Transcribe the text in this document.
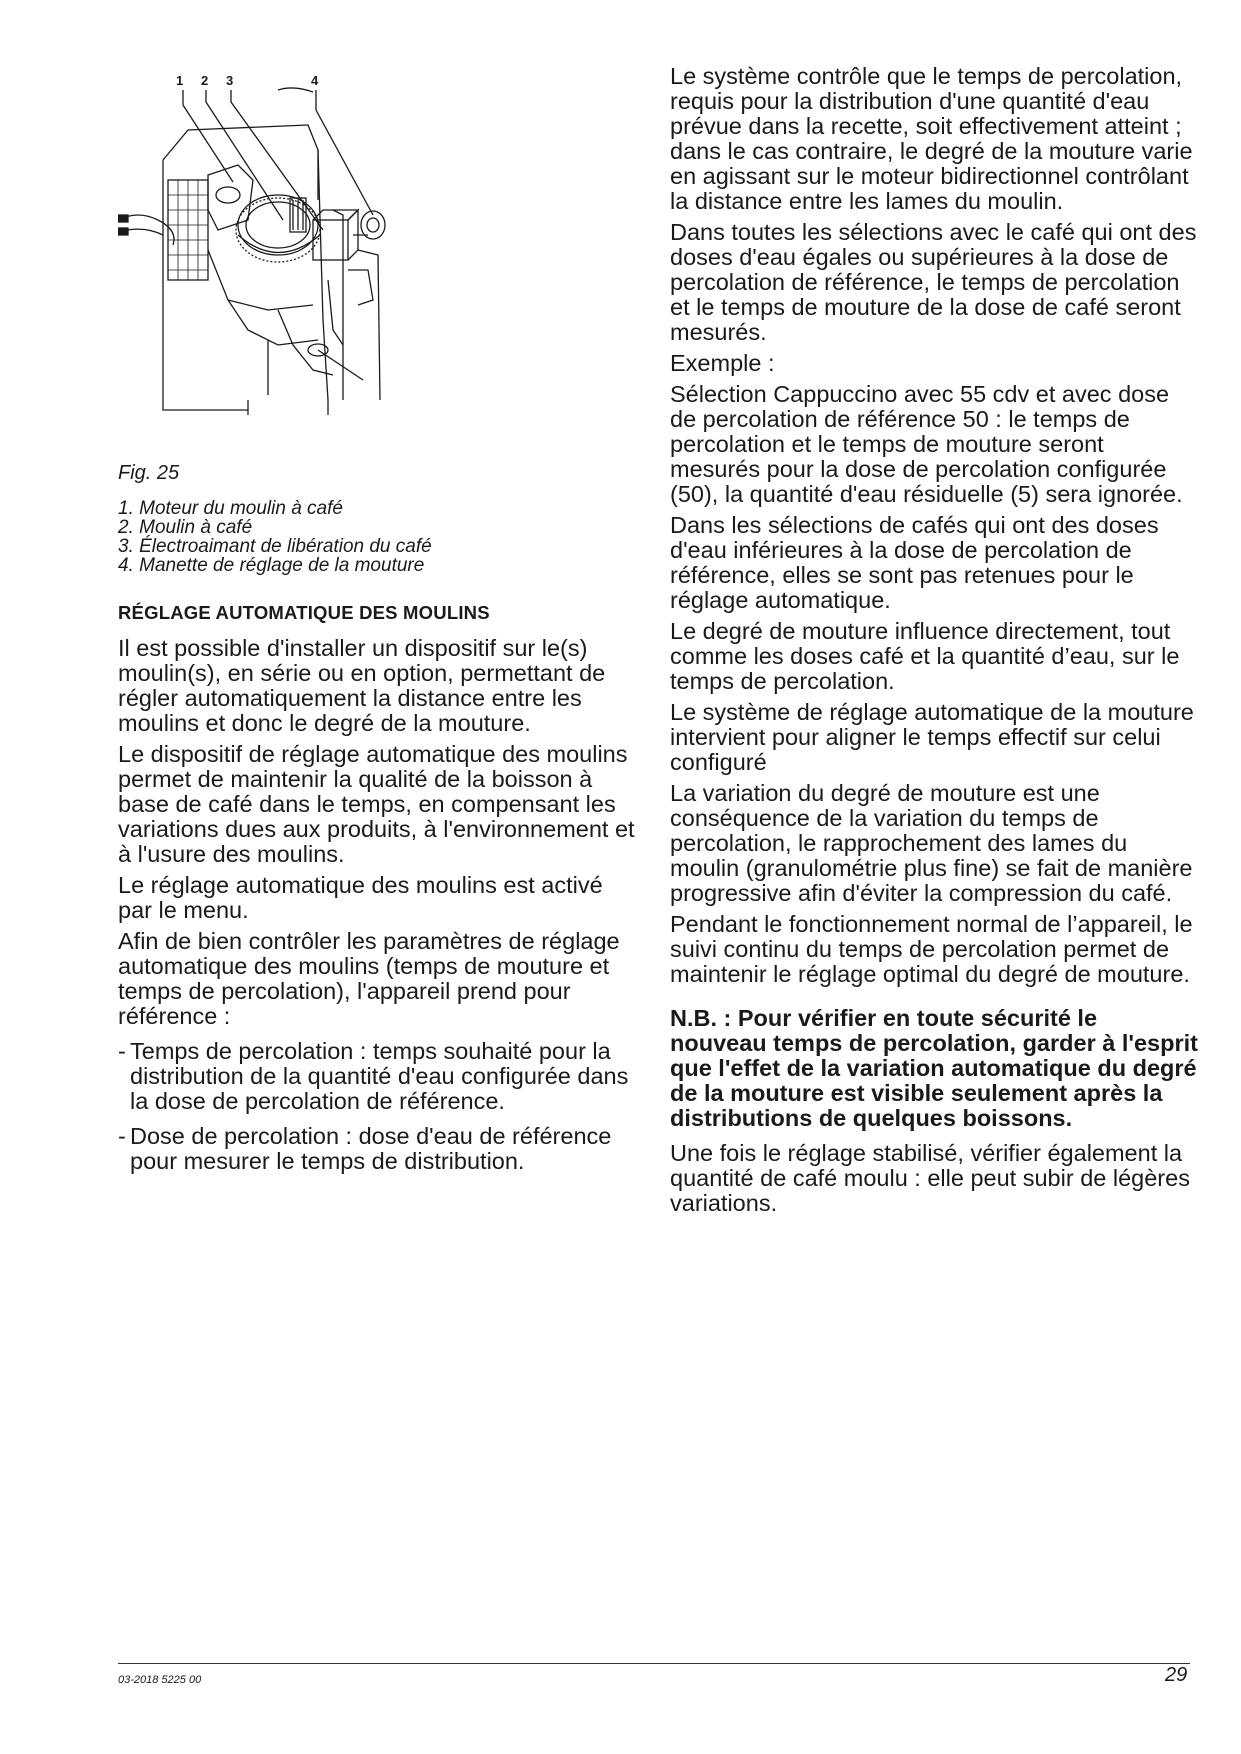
1 2 3	4
Fig. 25
1. Moteur du moulin à café
2. Moulin à café
3. Électroaimant de libération du café
4. Manette de réglage de la mouture
RÉGLAGE AUTOMATIQUE DES MOULINS

Il est possible d'installer un dispositif sur le(s) moulin(s), en série ou en option, permettant de régler automatiquement la distance entre les moulins et donc le degré de la mouture.

Le dispositif de réglage automatique des moulins permet de maintenir la qualité de la boisson à base de café dans le temps, en compensant les variations dues aux produits, à l'environnement et à l'usure des moulins.

Le réglage automatique des moulins est activé par le menu.

Afin de bien contrôler les paramètres de réglage automatique des moulins (temps de mouture et temps de percolation), l'appareil prend pour référence :

- Temps de percolation : temps souhaité pour la distribution de la quantité d'eau configurée dans la dose de percolation de référence.

- Dose de percolation : dose d'eau de référence pour mesurer le temps de distribution.

Le système contrôle que le temps de percolation, requis pour la distribution d'une quantité d'eau prévue dans la recette, soit effectivement atteint ; dans le cas contraire, le degré de la mouture varie en agissant sur le moteur bidirectionnel contrôlant la distance entre les lames du moulin.

Dans toutes les sélections avec le café qui ont des doses d'eau égales ou supérieures à la dose de percolation de référence, le temps de percolation et le temps de mouture de la dose de café seront mesurés.

Exemple :

Sélection Cappuccino avec 55 cdv et avec dose de percolation de référence 50 : le temps de percolation et le temps de mouture seront mesurés pour la dose de percolation configurée (50), la quantité d'eau résiduelle (5) sera ignorée.

Dans les sélections de cafés qui ont des doses d'eau inférieures à la dose de percolation de référence, elles se sont pas retenues pour le réglage automatique.

Le degré de mouture influence directement, tout comme les doses café et la quantité d’eau, sur le temps de percolation.

Le système de réglage automatique de la mouture intervient pour aligner le temps effectif sur celui configuré

La variation du degré de mouture est une conséquence de la variation du temps de percolation, le rapprochement des lames du moulin (granulométrie plus fine) se fait de manière progressive afin d'éviter la compression du café.

Pendant le fonctionnement normal de l’appareil, le suivi continu du temps de percolation permet de maintenir le réglage optimal du degré de mouture.

N.B. : Pour vérifier en toute sécurité le nouveau temps de percolation, garder à l'esprit que l'effet de la variation automatique du degré de la mouture est visible seulement après la distributions de quelques boissons.

Une fois le réglage stabilisé, vérifier également la quantité de café moulu : elle peut subir de légères variations.

03-2018 5225 00	29
